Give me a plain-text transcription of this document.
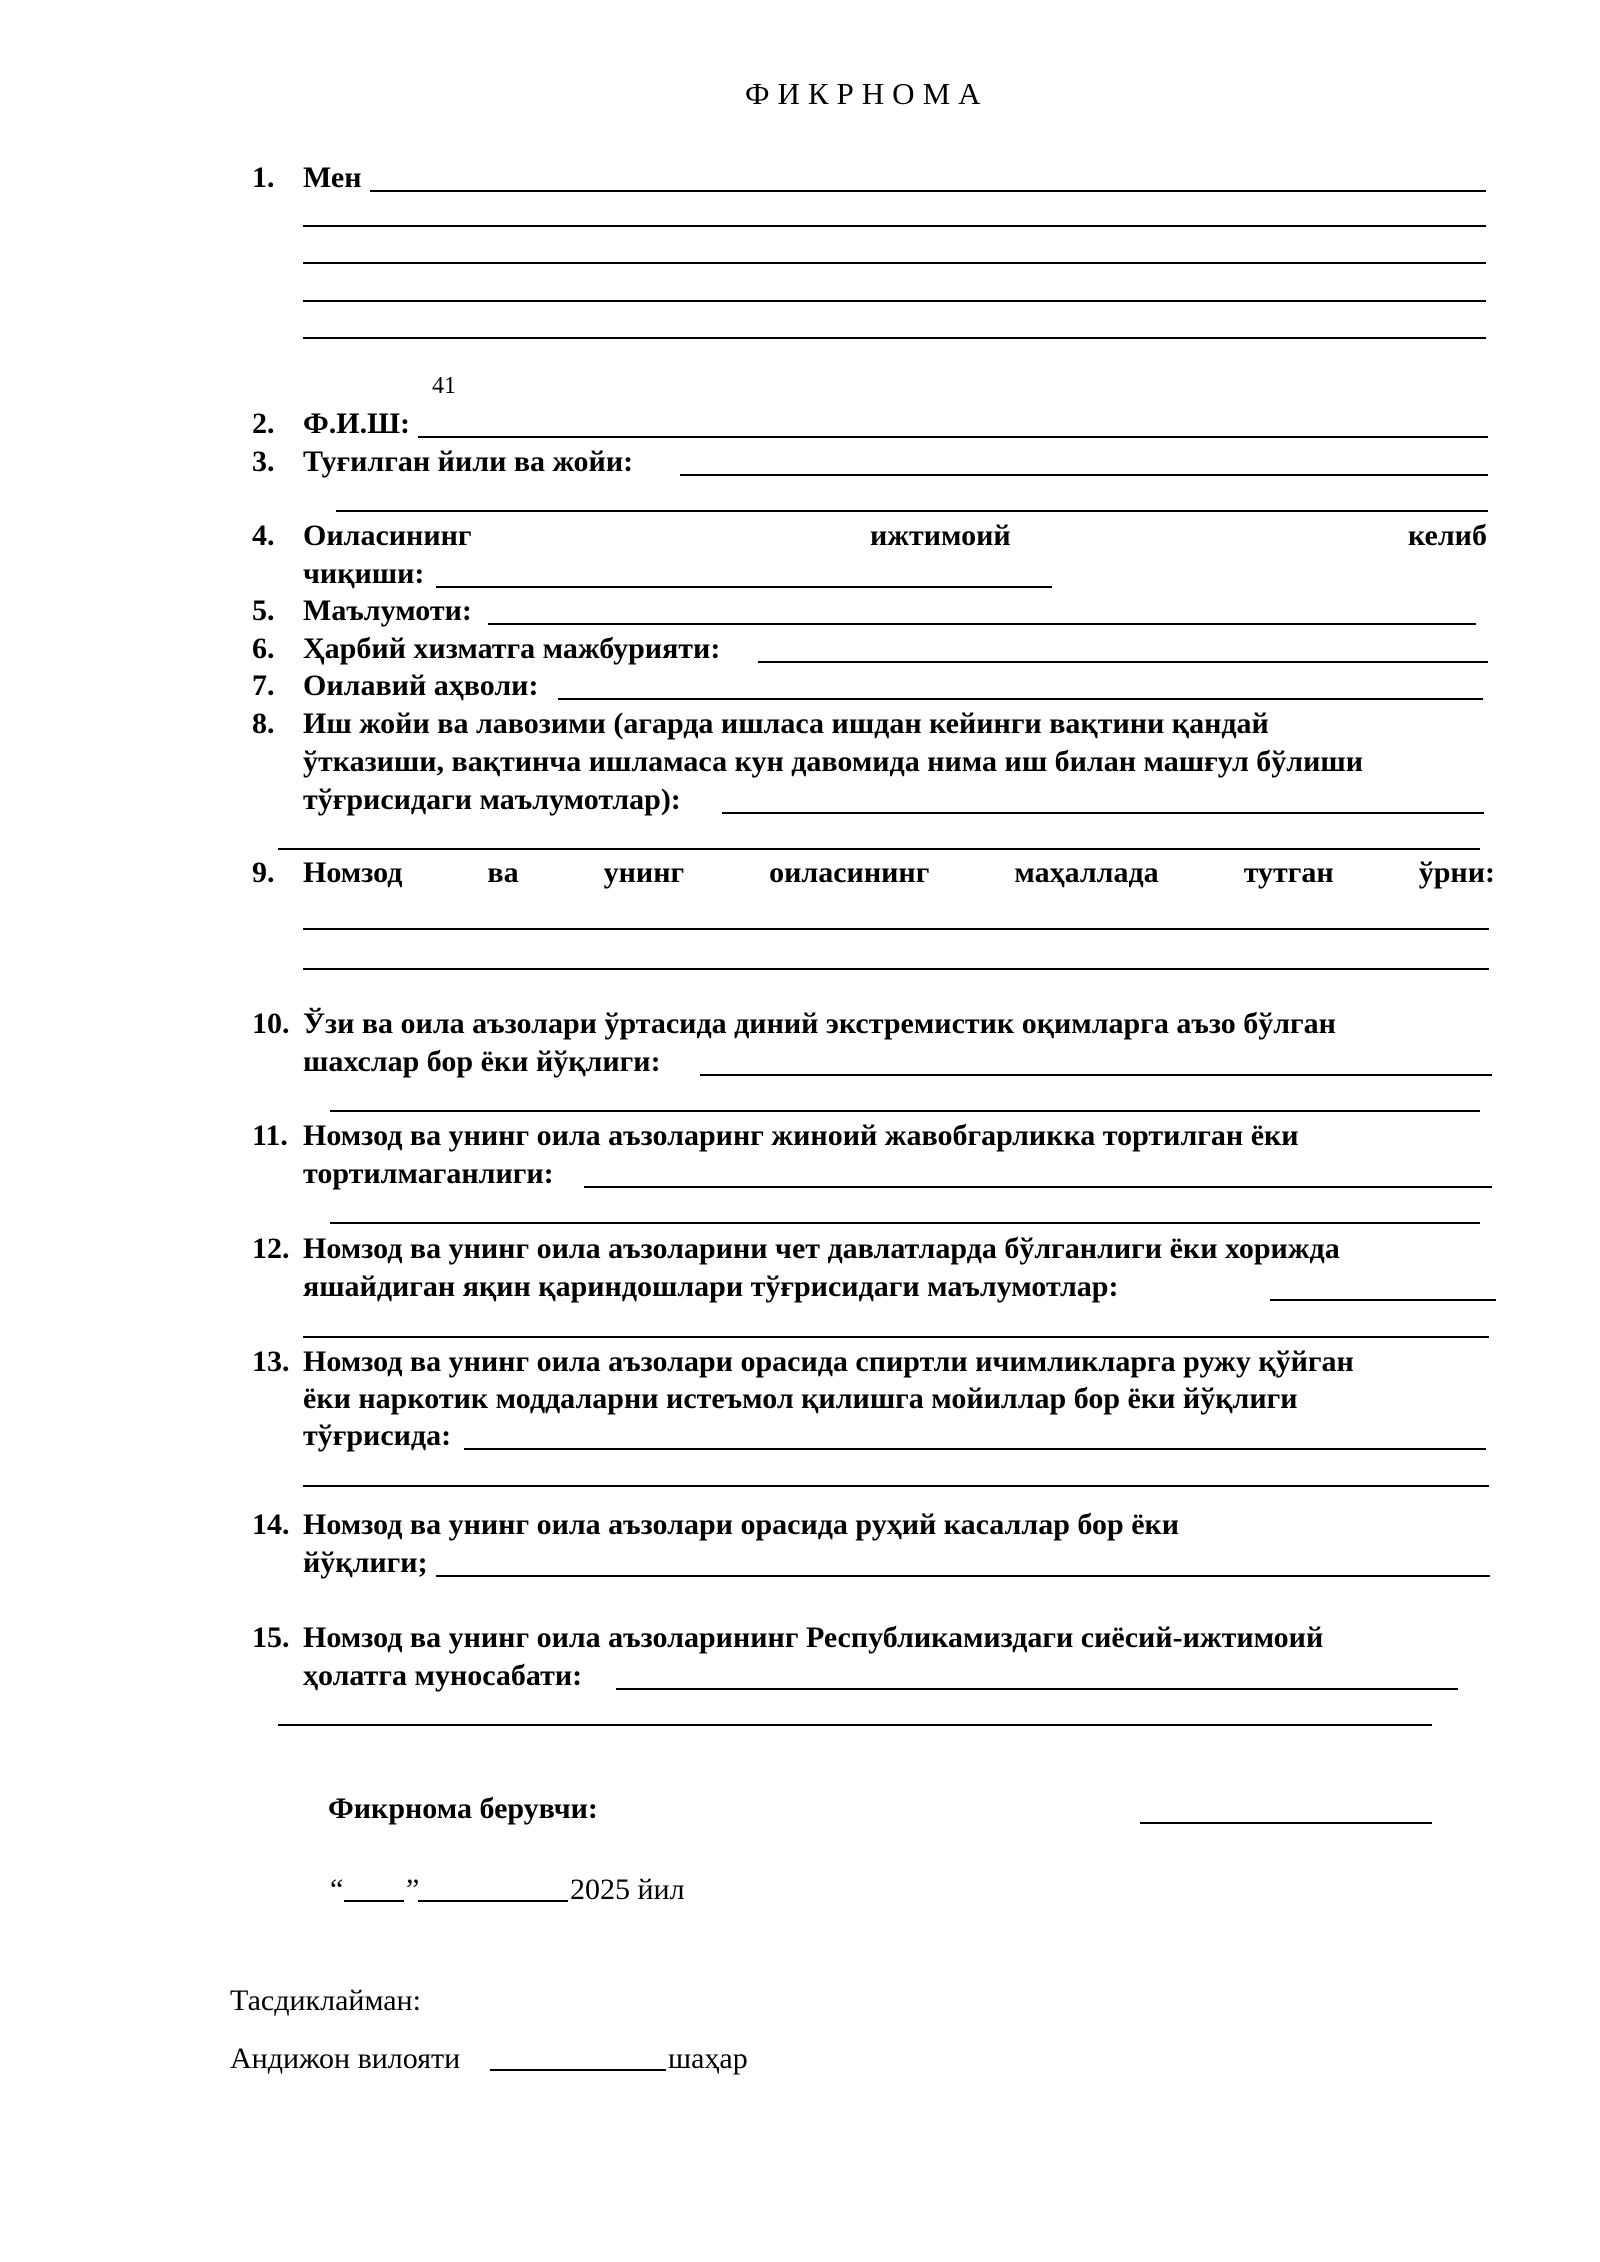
ФИКРНОМА
1. Мен
41
2. Ф.И.Ш:
3. Туғилган йили ва жойи:
4. Оиласининг	ижтимоий	келиб
чиқиши:
5. Маълумоти:
6. Ҳарбий хизматга мажбурияти:
7. Оилавий аҳволи:
8. Иш жойи ва лавозими (агарда ишласа ишдан кейинги вақтини қандай
ўтказиши, вақтинча ишламаса кун давомида нима иш билан машғул бўлиши
тўғрисидаги маълумотлар):
9. Номзод	ва	унинг	оиласининг	маҳаллада	тутган	ўрни:
10. Ўзи ва оила аъзолари ўртасида диний экстремистик оқимларга аъзо бўлган
шахслар бор ёки йўқлиги:
11. Номзод ва унинг оила аъзоларинг жиноий жавобгарликка тортилган ёки
тортилмаганлиги:
12. Номзод ва унинг оила аъзоларини чет давлатларда бўлганлиги ёки хорижда
яшайдиган яқин қариндошлари тўғрисидаги маълумотлар:
13. Номзод ва унинг оила аъзолари орасида спиртли ичимликларга ружу қўйган
ёки наркотик моддаларни истеъмол қилишга мойиллар бор ёки йўқлиги
тўғрисида:
14. Номзод ва унинг оила аъзолари орасида руҳий касаллар бор ёки
йўқлиги;
15. Номзод ва унинг оила аъзоларининг Республикамиздаги сиёсий-ижтимоий
ҳолатга муносабати:
Фикрнома берувчи:
“ ”	2025 йил
Тасдиклайман:
Андижон вилояти	шаҳар
